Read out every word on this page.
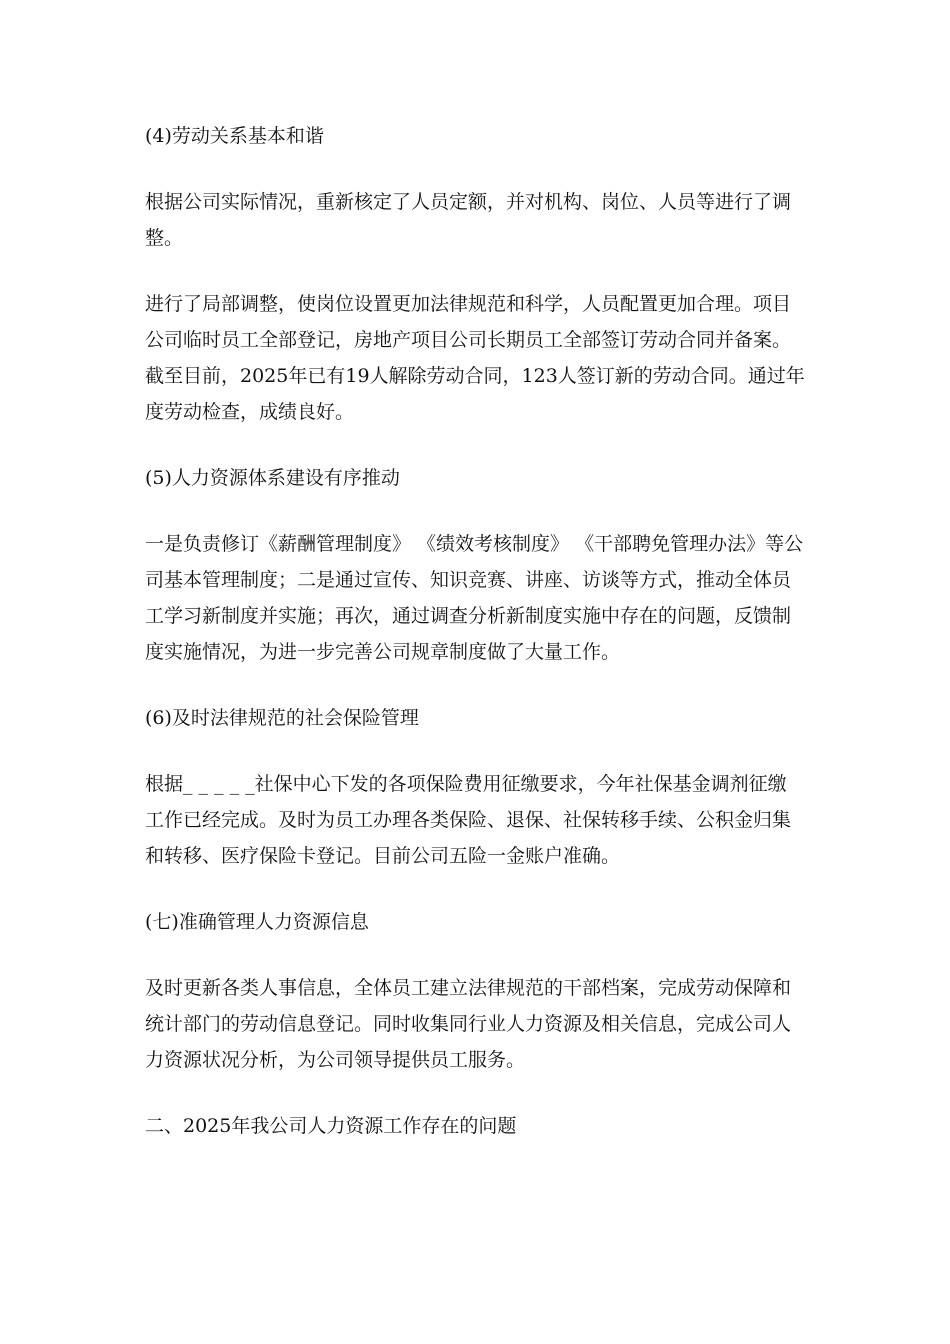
(4)劳动关系基本和谐

根据公司实际情况，重新核定了人员定额，并对机构、岗位、人员等进行了调整。

进行了局部调整，使岗位设置更加法律规范和科学，人员配置更加合理。项目公司临时员工全部登记，房地产项目公司长期员工全部签订劳动合同并备案。截至目前，2025年已有19人解除劳动合同，123人签订新的劳动合同。通过年度劳动检查，成绩良好。

(5)人力资源体系建设有序推动

一是负责修订《薪酬管理制度》 《绩效考核制度》 《干部聘免管理办法》等公司基本管理制度；二是通过宣传、知识竞赛、讲座、访谈等方式，推动全体员工学习新制度并实施；再次，通过调查分析新制度实施中存在的问题，反馈制度实施情况，为进一步完善公司规章制度做了大量工作。

(6)及时法律规范的社会保险管理

根据_ _ _ _ _社保中心下发的各项保险费用征缴要求，今年社保基金调剂征缴工作已经完成。及时为员工办理各类保险、退保、社保转移手续、公积金归集和转移、医疗保险卡登记。目前公司五险一金账户准确。

(七)准确管理人力资源信息

及时更新各类人事信息，全体员工建立法律规范的干部档案，完成劳动保障和统计部门的劳动信息登记。同时收集同行业人力资源及相关信息，完成公司人力资源状况分析，为公司领导提供员工服务。

二、2025年我公司人力资源工作存在的问题
